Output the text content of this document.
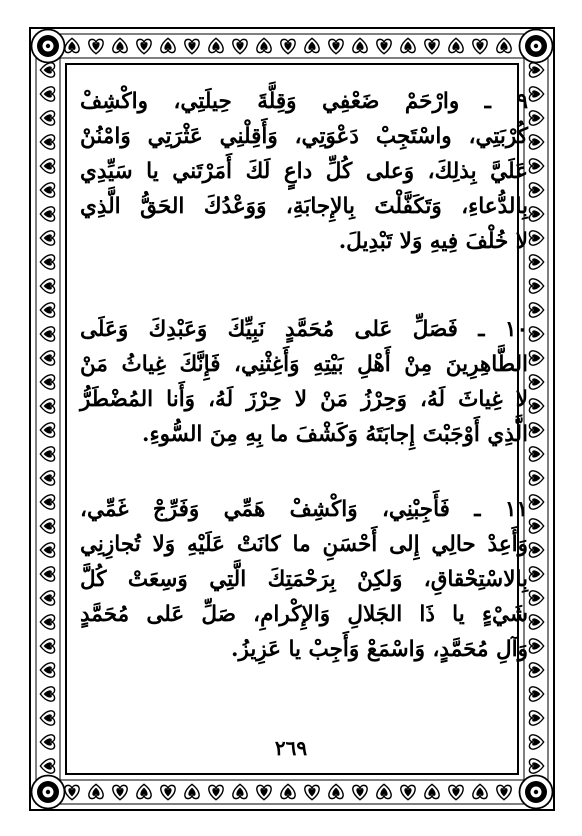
٩ ـ وارْحَمْ ضَعْفِي وَقِلَّةَ حِيلَتِي، واكْشِفْ
كُرْبَتِي، واسْتَجِبْ دَعْوَتِي، وَأَقِلْنِي عَثْرَتِي وَامْنُنْ
عَلَيَّ بِذلِكَ، وَعلى كُلِّ داعٍ لَكَ أَمَرْتَني يا سَيِّدِي
بِالدُّعاءِ، وَتَكَفَّلْتَ بِالإِجابَةِ، وَوَعْدُكَ الحَقُّ الَّذِي
لا خُلْفَ فِيهِ وَلا تَبْدِيلَ.
١٠ ـ فَصَلِّ عَلى مُحَمَّدٍ نَبِيِّكَ وَعَبْدِكَ وَعَلَى
الطَّاهِرِينَ مِنْ أَهْلِ بَيْتِهِ وَأَغِثْنِي، فَإِنَّكَ غِياثُ مَنْ
لا غِياثَ لَهُ، وَحِرْزُ مَنْ لا حِرْزَ لَهُ، وَأَنا المُضْطَرُّ
الَّذِي أَوْجَبْتَ إِجابَتَهُ وَكَشْفَ ما بِهِ مِنَ السُّوءِ.
١١ ـ فَأَجِبْنِي، وَاكْشِفْ هَمِّي وَفَرِّجْ غَمِّي،
وَأَعِدْ حالِي إِلى أَحْسَنِ ما كانَتْ عَلَيْهِ وَلا تُجازِنِي
بِالاسْتِحْقاقِ، وَلكِنْ بِرَحْمَتِكَ الَّتِي وَسِعَتْ كُلَّ
شَيْءٍ يا ذَا الجَلالِ وَالإِكْرامِ، صَلِّ عَلى مُحَمَّدٍ
وَآلِ مُحَمَّدٍ، وَاسْمَعْ وَأَجِبْ يا عَزِيزُ.
٢٦٩
